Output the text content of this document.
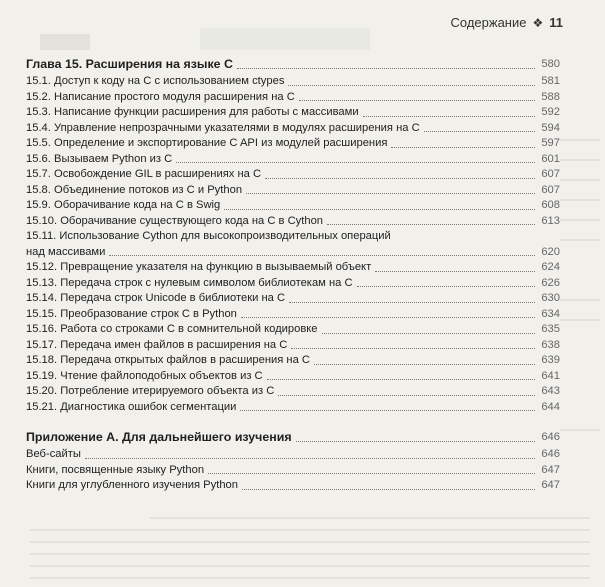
Содержание ❖ 11
Глава 15. Расширения на языке C	580
15.1. Доступ к коду на C с использованием ctypes	581
15.2. Написание простого модуля расширения на C	588
15.3. Написание функции расширения для работы с массивами	592
15.4. Управление непрозрачными указателями в модулях расширения на C	594
15.5. Определение и экспортирование C API из модулей расширения	597
15.6. Вызываем Python из C	601
15.7. Освобождение GIL в расширениях на C	607
15.8. Объединение потоков из C и Python	607
15.9. Оборачивание кода на C в Swig	608
15.10. Оборачивание существующего кода на C в Cython	613
15.11. Использование Cython для высокопроизводительных операций
над массивами	620
15.12. Превращение указателя на функцию в вызываемый объект	624
15.13. Передача строк с нулевым символом библиотекам на C	626
15.14. Передача строк Unicode в библиотеки на C	630
15.15. Преобразование строк C в Python	634
15.16. Работа со строками C в сомнительной кодировке	635
15.17. Передача имен файлов в расширения на C	638
15.18. Передача открытых файлов в расширения на C	639
15.19. Чтение файлоподобных объектов из C	641
15.20. Потребление итерируемого объекта из C	643
15.21. Диагностика ошибок сегментации	644
Приложение A. Для дальнейшего изучения	646
Веб-сайты	646
Книги, посвященные языку Python	647
Книги для углубленного изучения Python	647
